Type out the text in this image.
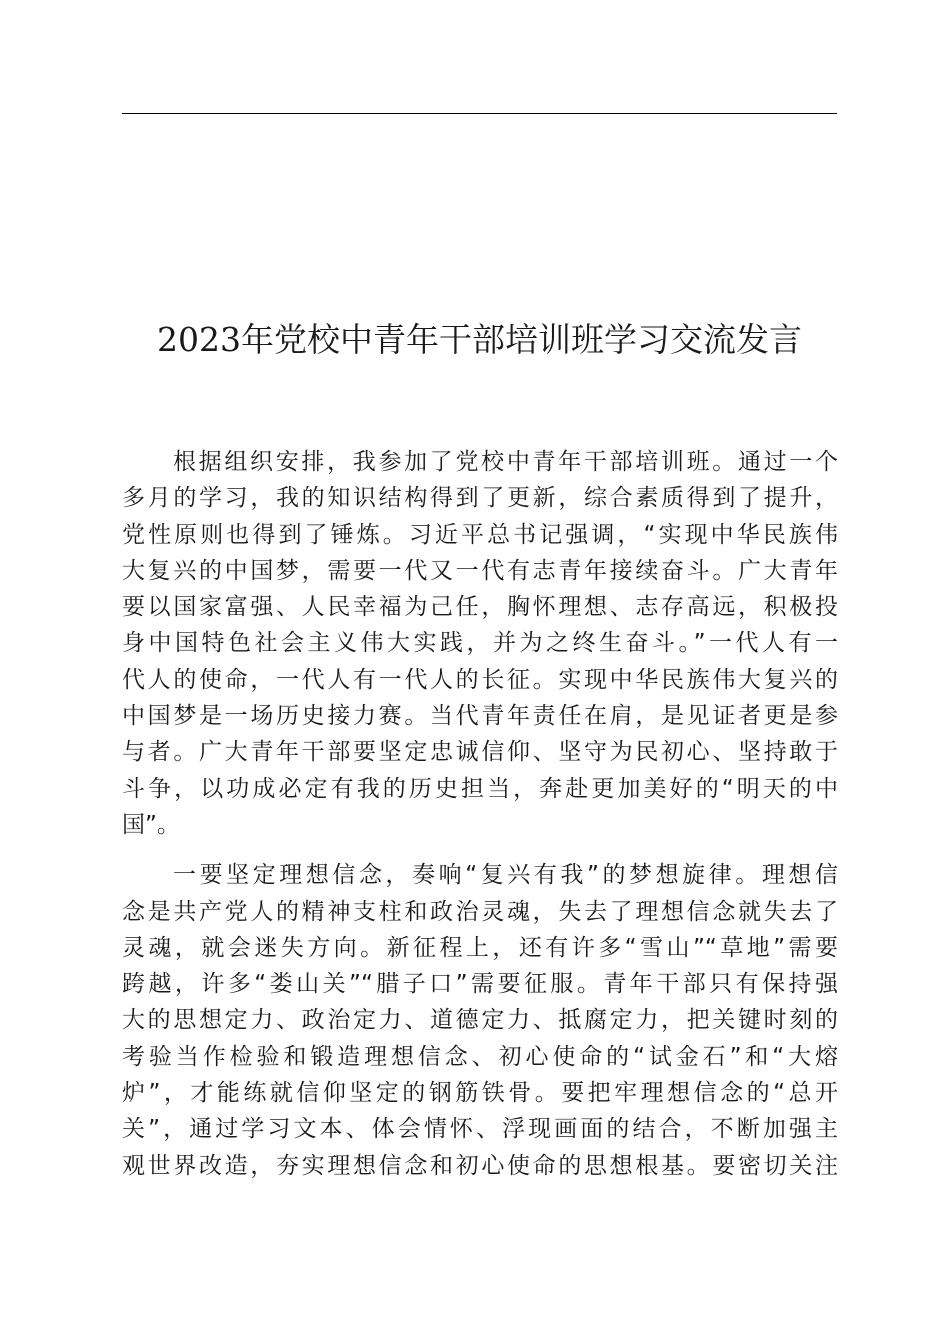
2023年党校中青年干部培训班学习交流发言

根据组织安排，我参加了党校中青年干部培训班。通过一个
多月的学习，我的知识结构得到了更新，综合素质得到了提升，
党性原则也得到了锤炼。习近平总书记强调，“实现中华民族伟
大复兴的中国梦，需要一代又一代有志青年接续奋斗。广大青年
要以国家富强、人民幸福为己任，胸怀理想、志存高远，积极投
身中国特色社会主义伟大实践，并为之终生奋斗。”一代人有一
代人的使命，一代人有一代人的长征。实现中华民族伟大复兴的
中国梦是一场历史接力赛。当代青年责任在肩，是见证者更是参
与者。广大青年干部要坚定忠诚信仰、坚守为民初心、坚持敢于
斗争，以功成必定有我的历史担当，奔赴更加美好的“明天的中
国”。

一要坚定理想信念，奏响“复兴有我”的梦想旋律。理想信
念是共产党人的精神支柱和政治灵魂，失去了理想信念就失去了
灵魂，就会迷失方向。新征程上，还有许多“雪山”“草地”需要
跨越，许多“娄山关”“腊子口”需要征服。青年干部只有保持强
大的思想定力、政治定力、道德定力、抵腐定力，把关键时刻的
考验当作检验和锻造理想信念、初心使命的“试金石”和“大熔
炉”，才能练就信仰坚定的钢筋铁骨。要把牢理想信念的“总开
关”，通过学习文本、体会情怀、浮现画面的结合，不断加强主
观世界改造，夯实理想信念和初心使命的思想根基。要密切关注
